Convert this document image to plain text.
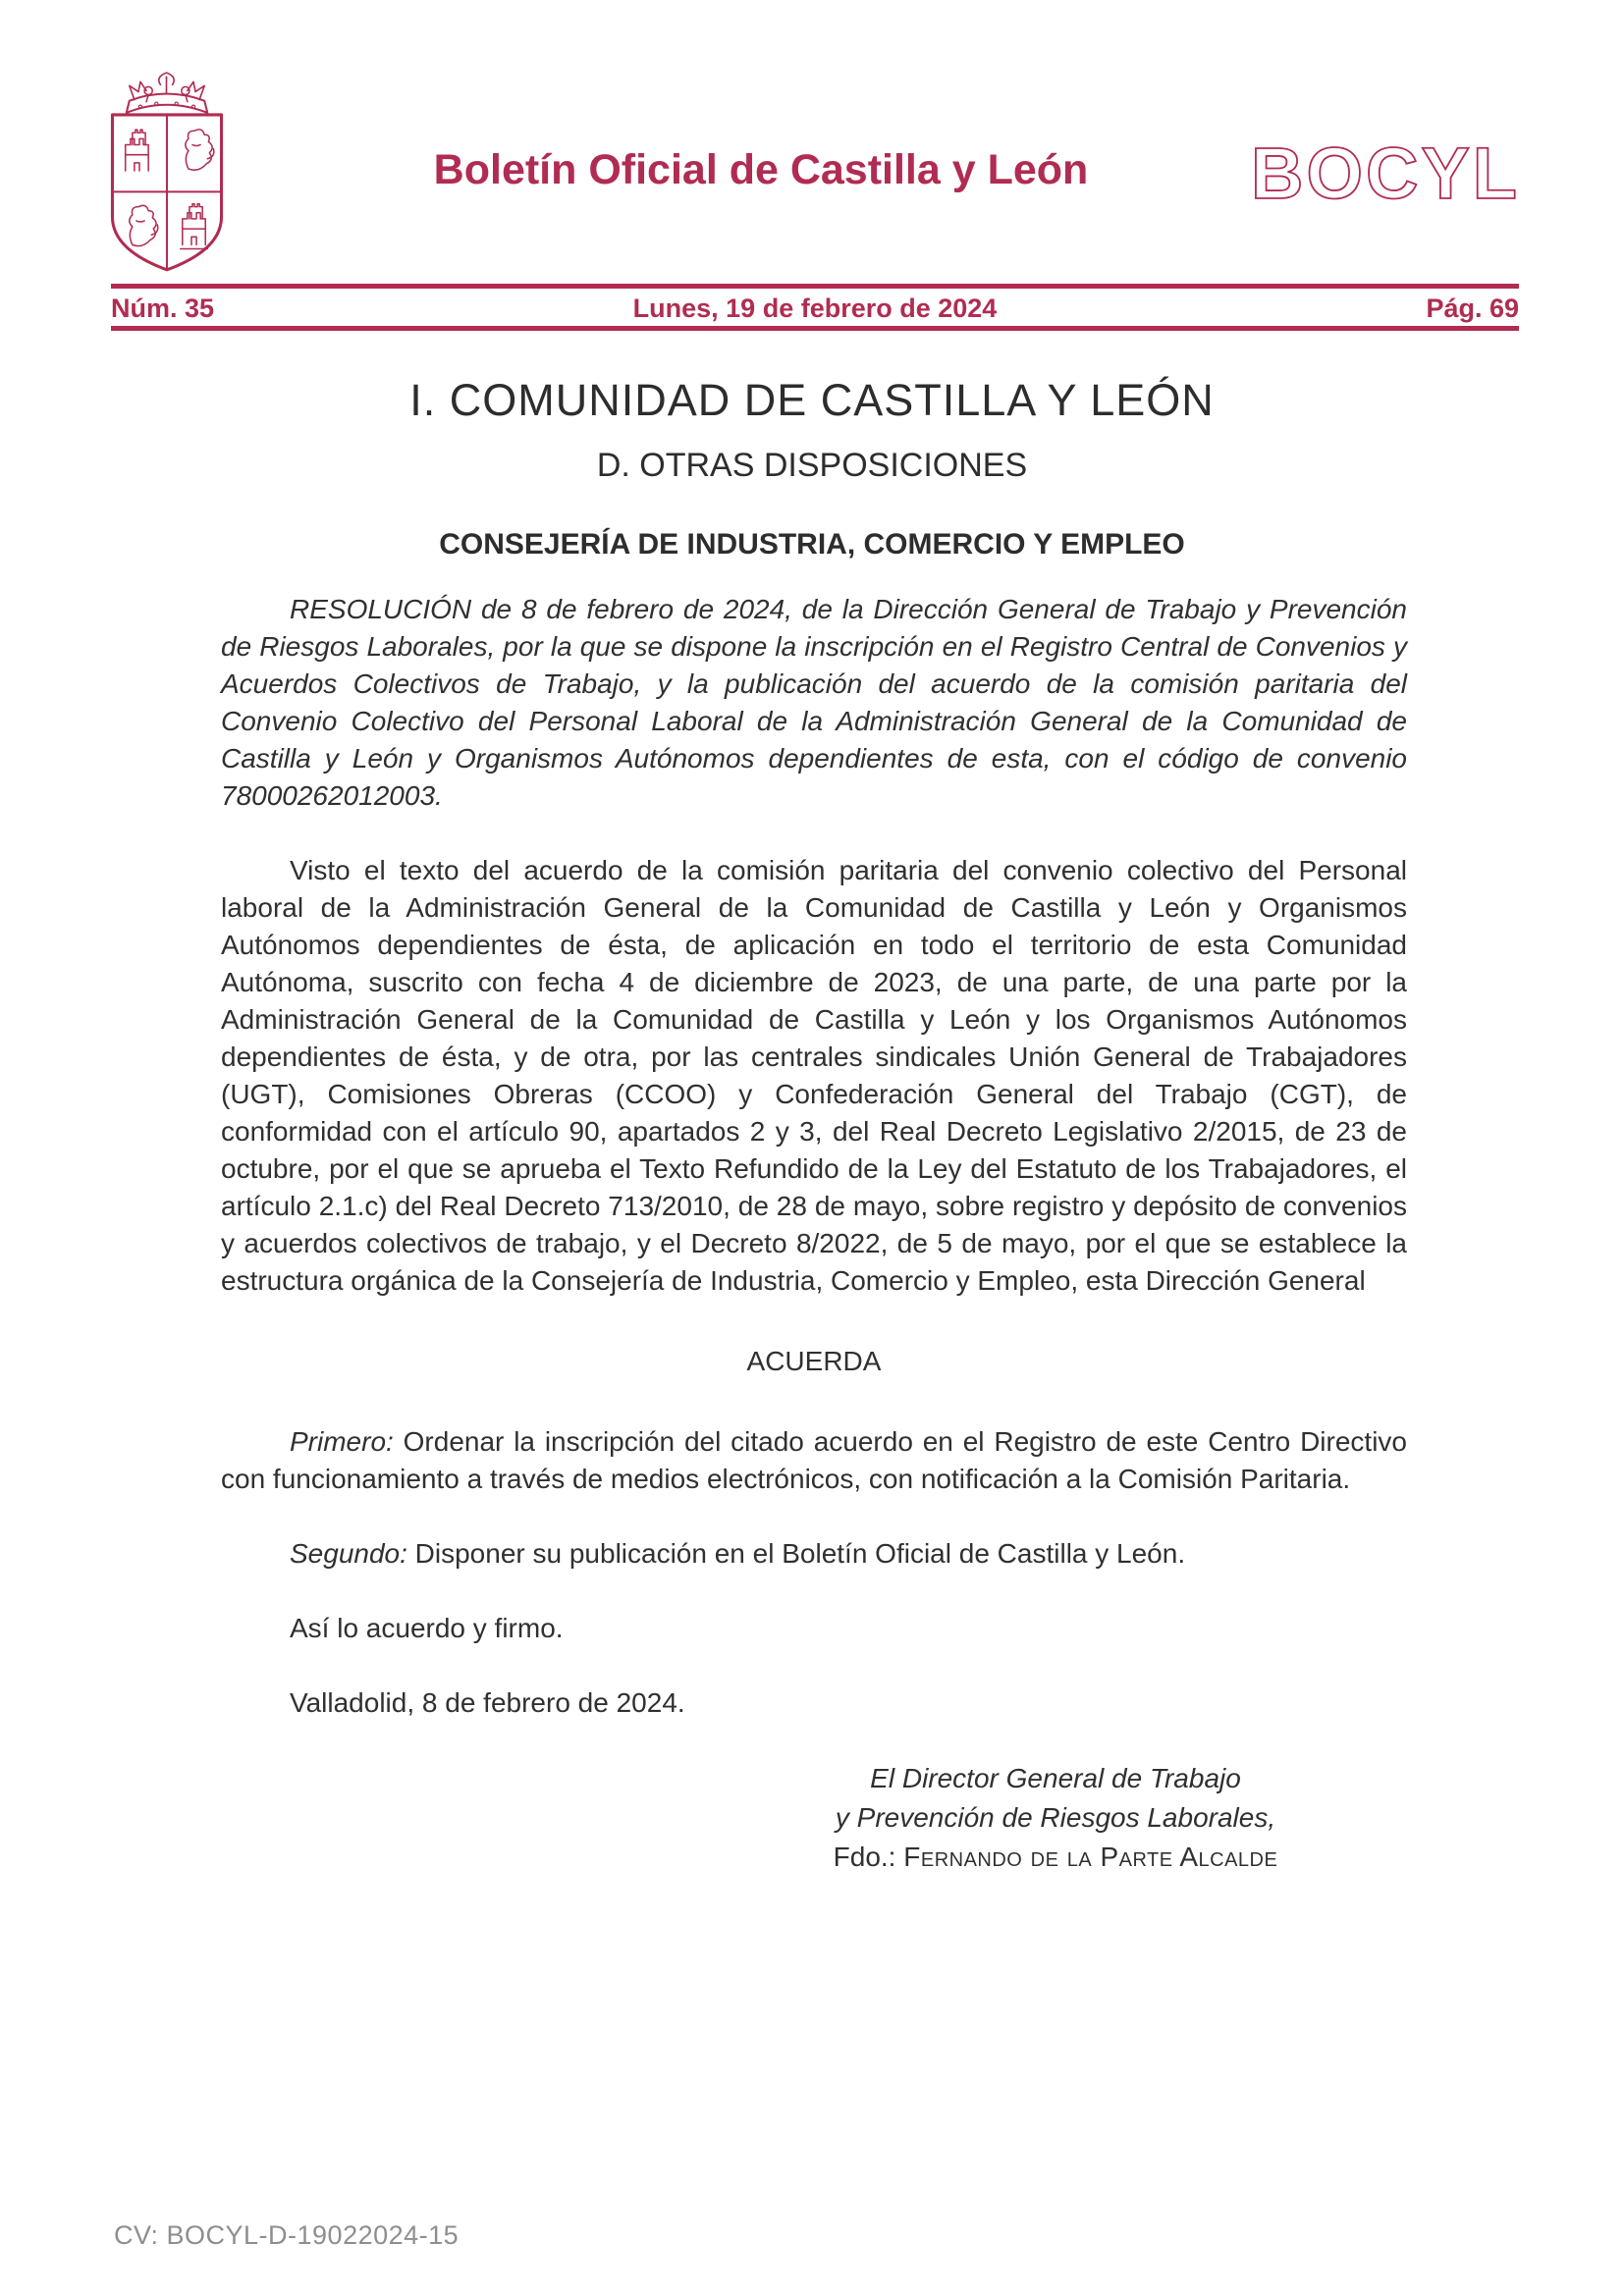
Boletín Oficial de Castilla y León	BOCYL
Núm. 35	Lunes, 19 de febrero de 2024	Pág. 69
I. COMUNIDAD DE CASTILLA Y LEÓN
D. OTRAS DISPOSICIONES
CONSEJERÍA DE INDUSTRIA, COMERCIO Y EMPLEO

RESOLUCIÓN de 8 de febrero de 2024, de la Dirección General de Trabajo y Prevención de Riesgos Laborales, por la que se dispone la inscripción en el Registro Central de Convenios y Acuerdos Colectivos de Trabajo, y la publicación del acuerdo de la comisión paritaria del Convenio Colectivo del Personal Laboral de la Administración General de la Comunidad de Castilla y León y Organismos Autónomos dependientes de esta, con el código de convenio 78000262012003.

Visto el texto del acuerdo de la comisión paritaria del convenio colectivo del Personal laboral de la Administración General de la Comunidad de Castilla y León y Organismos Autónomos dependientes de ésta, de aplicación en todo el territorio de esta Comunidad Autónoma, suscrito con fecha 4 de diciembre de 2023, de una parte, de una parte por la Administración General de la Comunidad de Castilla y León y los Organismos Autónomos dependientes de ésta, y de otra, por las centrales sindicales Unión General de Trabajadores (UGT), Comisiones Obreras (CCOO) y Confederación General del Trabajo (CGT), de conformidad con el artículo 90, apartados 2 y 3, del Real Decreto Legislativo 2/2015, de 23 de octubre, por el que se aprueba el Texto Refundido de la Ley del Estatuto de los Trabajadores, el artículo 2.1.c) del Real Decreto 713/2010, de 28 de mayo, sobre registro y depósito de convenios y acuerdos colectivos de trabajo, y el Decreto 8/2022, de 5 de mayo, por el que se establece la estructura orgánica de la Consejería de Industria, Comercio y Empleo, esta Dirección General

ACUERDA

Primero: Ordenar la inscripción del citado acuerdo en el Registro de este Centro Directivo con funcionamiento a través de medios electrónicos, con notificación a la Comisión Paritaria.

Segundo: Disponer su publicación en el Boletín Oficial de Castilla y León.

Así lo acuerdo y firmo.

Valladolid, 8 de febrero de 2024.

El Director General de Trabajo
y Prevención de Riesgos Laborales,
Fdo.: Fernando de la Parte Alcalde
CV: BOCYL-D-19022024-15
